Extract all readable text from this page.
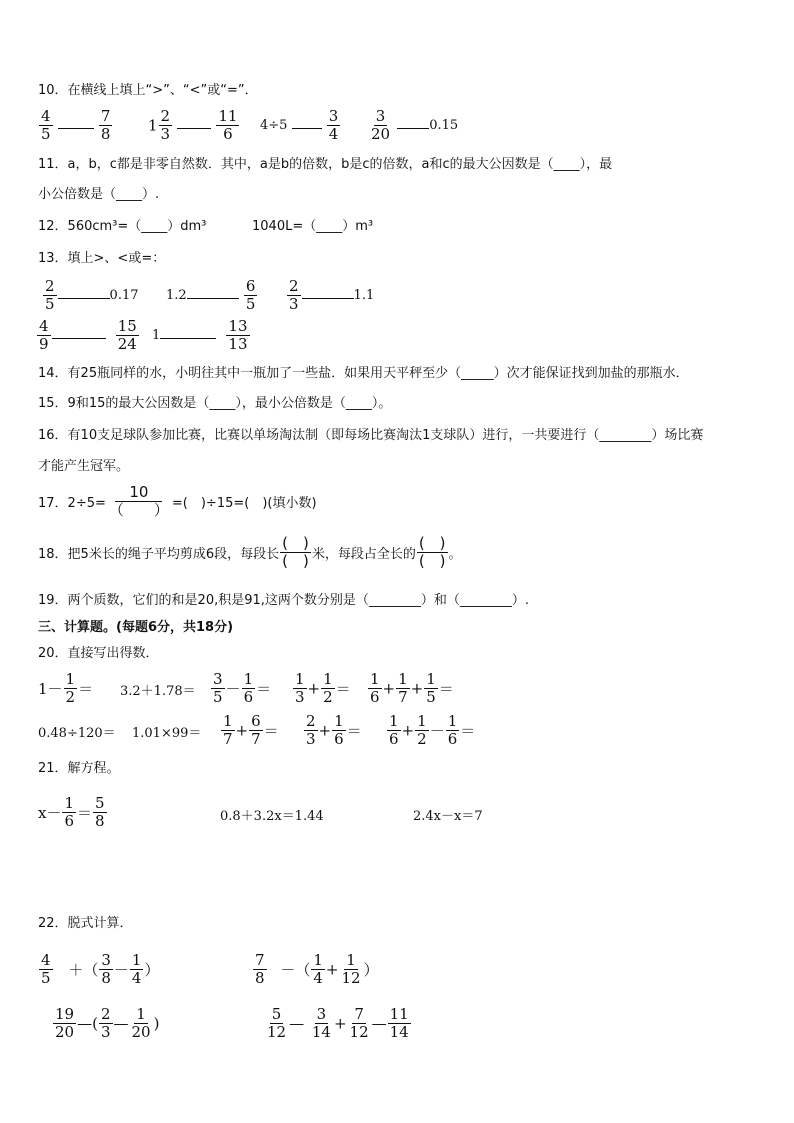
10．在横线上填上“>”、“<”或“=”．
$\frac{4}{5}$
	$\frac{7}{8} 1 \frac{2}{3}$
	$\frac{11}{6} 4\div 5$	$\frac{3}{4} \frac{3}{20}$	0.15
11．a，b，c都是非零自然数．其中，a是b的倍数，b是c的倍数，a和c的最大公因数是（____），最
小公倍数是（____）.
12．560cm³=（____）dm³	1040L=（____）m³
13．填上>、<或=：
$\frac{2}{5}$	0.17 1.2	$\frac{6}{5} \frac{2}{3}$	1.1
$\frac{4}{9}$
	$\frac{15}{24} 1$	$\frac{13}{13}$
14．有25瓶同样的水，小明往其中一瓶加了一些盐．如果用天平秤至少（_____）次才能保证找到加盐的那瓶水．
15．9和15的最大公因数是（____），最小公倍数是（____）。
16．有10支足球队参加比赛，比赛以单场淘汰制（即每场比赛淘汰1支球队）进行，一共要进行（________）场比赛
才能产生冠军。
17．$2\div 5= \frac{10}{( )}$ =(　)÷15=(　)(填小数)
18．把5米长的绳子平均剪成6段，每段长 $\frac{( )}{( )}$ 米，每段占全长的 $\frac{( )}{( )}$ 。
19．两个质数，它们的和是20,积是91,这两个数分别是（________）和（________）.
三、计算题。(每题6分，共18分)
20．直接写出得数．
$1- \frac{1}{2} = 3.2+1.78= \frac{3}{5} - \frac{1}{6} = \frac{1}{3} + \frac{1}{2} = \frac{1}{6} + \frac{1}{7} + \frac{1}{5}$ ＝
$0.48\div 120= 1.01\times 99= \frac{1}{7} + \frac{6}{7} = \frac{2}{3} + \frac{1}{6} = \frac{1}{6} + \frac{1}{2} - \frac{1}{6}$ ＝
21．解方程。
$x- \frac{1}{6} = \frac{5}{8}$	0.8＋3.2x＝1.44	2.4x－x＝7
22．脱式计算．
$\frac{4}{5}$ ＋（ $\frac{3}{8} - \frac{1}{4}$ ）	$\frac{7}{8}$ －（ $\frac{1}{4} + \frac{1}{12}$ ）
$\frac{19}{20}$ —( $\frac{2}{3}$ — $\frac{1}{20}$ )	$\frac{5}{12}$ — $\frac{3}{14} + \frac{7}{12}$ — $\frac{11}{14}$
